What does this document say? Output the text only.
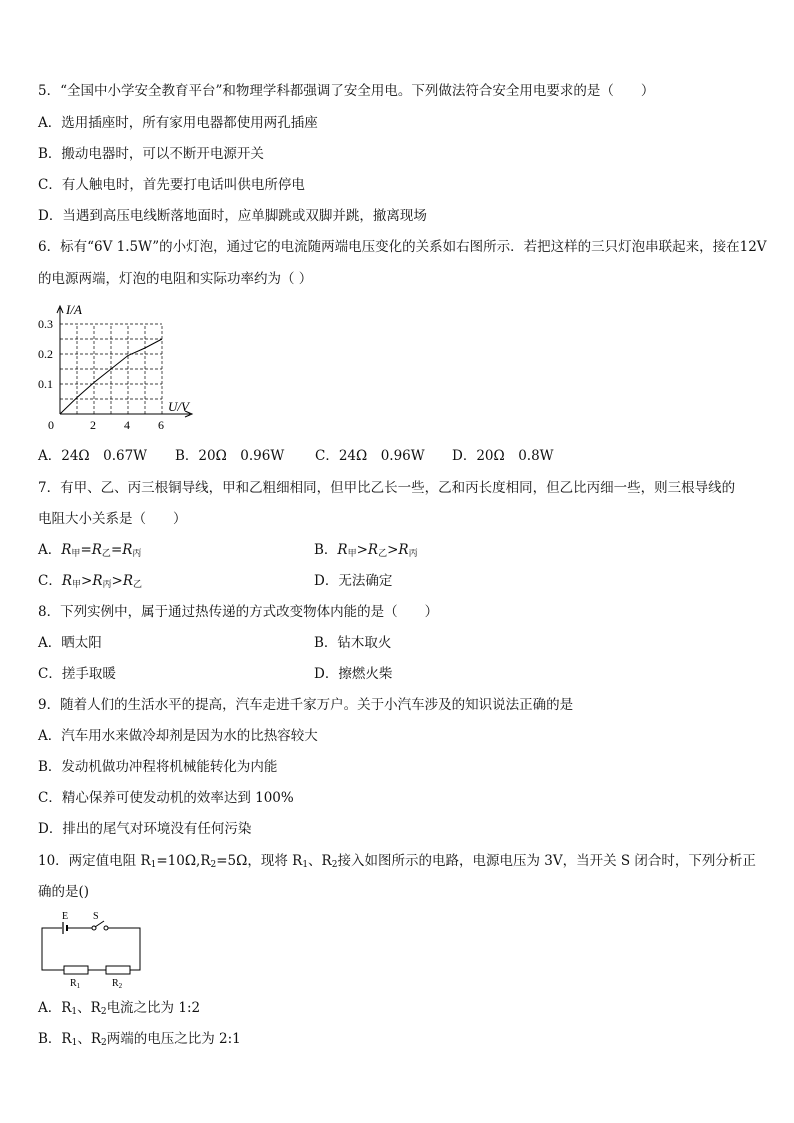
5．“全国中小学安全教育平台”和物理学科都强调了安全用电。下列做法符合安全用电要求的是（　　）
A．选用插座时，所有家用电器都使用两孔插座
B．搬动电器时，可以不断开电源开关
C．有人触电时，首先要打电话叫供电所停电
D．当遇到高压电线断落地面时，应单脚跳或双脚并跳，撤离现场
6．标有“6V 1.5W”的小灯泡，通过它的电流随两端电压变化的关系如右图所示．若把这样的三只灯泡串联起来，接在12V
的电源两端，灯泡的电阻和实际功率约为（ ）
0	2 4 6
0.1
0.2
0.3
I/A
U/V
A．24Ω　0.67W B．20Ω　0.96W C．24Ω　0.96W D．20Ω　0.8W
7．有甲、乙、丙三根铜导线，甲和乙粗细相同，但甲比乙长一些，乙和丙长度相同，但乙比丙细一些，则三根导线的
电阻大小关系是（　　）
A．$R_甲=R_乙=R_丙$	B．$R_甲>R_乙>R_丙$
C．$R_甲>R_丙>R_乙$	D．无法确定
8．下列实例中，属于通过热传递的方式改变物体内能的是（　　）
A．晒太阳	B．钻木取火
C．搓手取暖	D．擦燃火柴
9．随着人们的生活水平的提高，汽车走进千家万户。关于小汽车涉及的知识说法正确的是
A．汽车用水来做冷却剂是因为水的比热容较大
B．发动机做功冲程将机械能转化为内能
C．精心保养可使发动机的效率达到 100%
D．排出的尾气对环境没有任何污染
10．两定值电阻 $R_1=10\Omega,R_2=5\Omega$，现将 $R_1$、$R_2$接入如图所示的电路，电源电压为 3V，当开关 S 闭合时，下列分析正
确的是()
E S
$R_1$	$R_2$
A．$R_1$、$R_2$电流之比为 1:2
B．$R_1$、$R_2$两端的电压之比为 2:1
